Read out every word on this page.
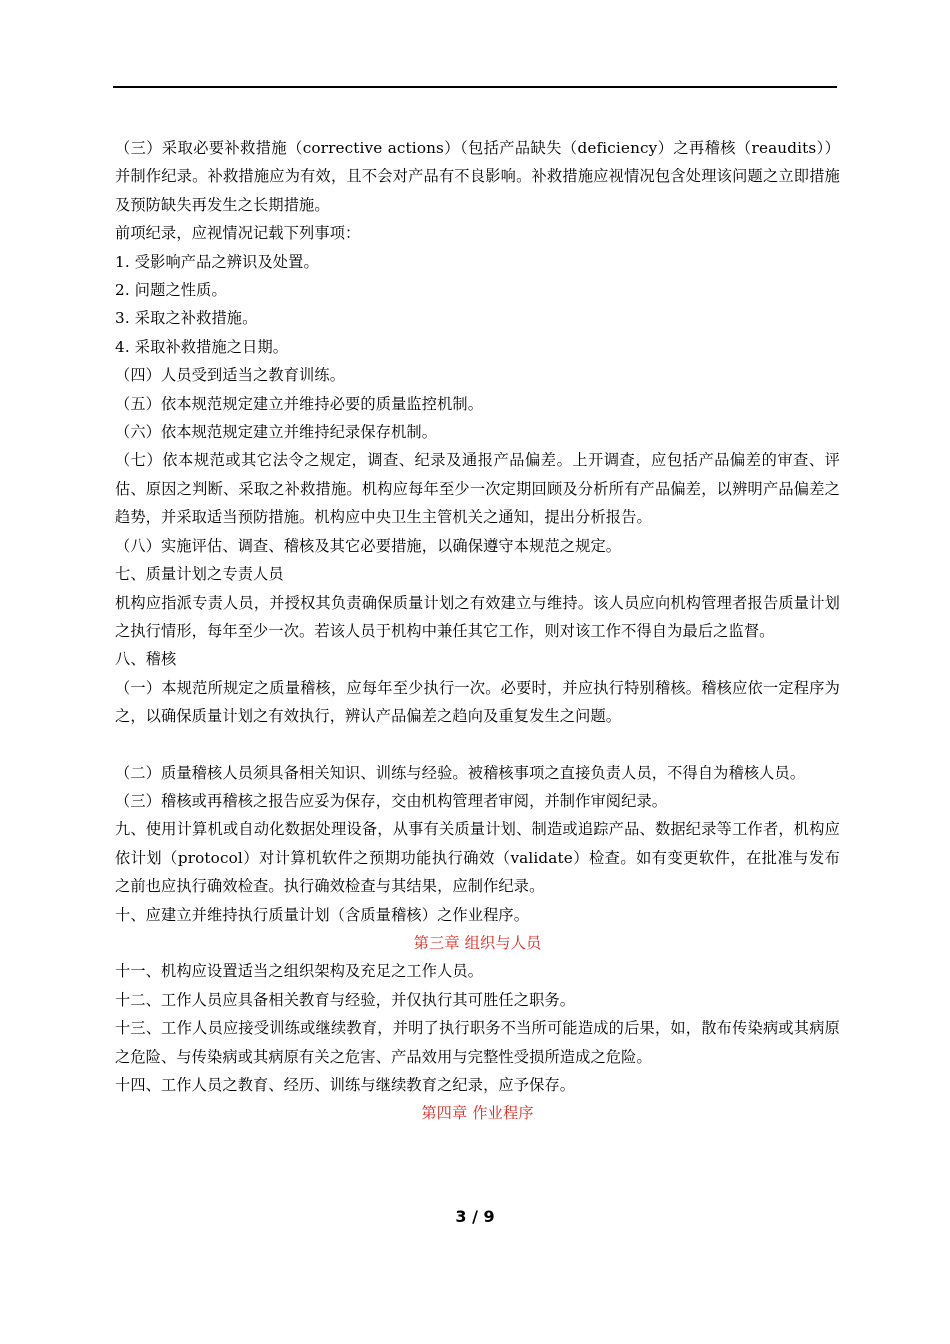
（三）采取必要补救措施（corrective actions）（包括产品缺失（deficiency）之再稽核（reaudits））并制作纪录。补救措施应为有效，且不会对产品有不良影响。补救措施应视情况包含处理该问题之立即措施及预防缺失再发生之长期措施。

前项纪录，应视情况记载下列事项：

1. 受影响产品之辨识及处置。

2. 问题之性质。

3. 采取之补救措施。

4. 采取补救措施之日期。

（四）人员受到适当之教育训练。

（五）依本规范规定建立并维持必要的质量监控机制。

（六）依本规范规定建立并维持纪录保存机制。

（七）依本规范或其它法令之规定，调查、纪录及通报产品偏差。上开调查，应包括产品偏差的审查、评估、原因之判断、采取之补救措施。机构应每年至少一次定期回顾及分析所有产品偏差，以辨明产品偏差之趋势，并采取适当预防措施。机构应中央卫生主管机关之通知，提出分析报告。

（八）实施评估、调查、稽核及其它必要措施，以确保遵守本规范之规定。

七、质量计划之专责人员

机构应指派专责人员，并授权其负责确保质量计划之有效建立与维持。该人员应向机构管理者报告质量计划之执行情形，每年至少一次。若该人员于机构中兼任其它工作，则对该工作不得自为最后之监督。

八、稽核

（一）本规范所规定之质量稽核，应每年至少执行一次。必要时，并应执行特别稽核。稽核应依一定程序为之，以确保质量计划之有效执行，辨认产品偏差之趋向及重复发生之问题。

（二）质量稽核人员须具备相关知识、训练与经验。被稽核事项之直接负责人员，不得自为稽核人员。

（三）稽核或再稽核之报告应妥为保存，交由机构管理者审阅，并制作审阅纪录。

九、使用计算机或自动化数据处理设备，从事有关质量计划、制造或追踪产品、数据纪录等工作者，机构应依计划（protocol）对计算机软件之预期功能执行确效（validate）检查。如有变更软件，在批准与发布之前也应执行确效检查。执行确效检查与其结果，应制作纪录。

十、应建立并维持执行质量计划（含质量稽核）之作业程序。

第三章 组织与人员

十一、机构应设置适当之组织架构及充足之工作人员。

十二、工作人员应具备相关教育与经验，并仅执行其可胜任之职务。

十三、工作人员应接受训练或继续教育，并明了执行职务不当所可能造成的后果，如，散布传染病或其病原之危险、与传染病或其病原有关之危害、产品效用与完整性受损所造成之危险。

十四、工作人员之教育、经历、训练与继续教育之纪录，应予保存。

第四章 作业程序

3 / 9
